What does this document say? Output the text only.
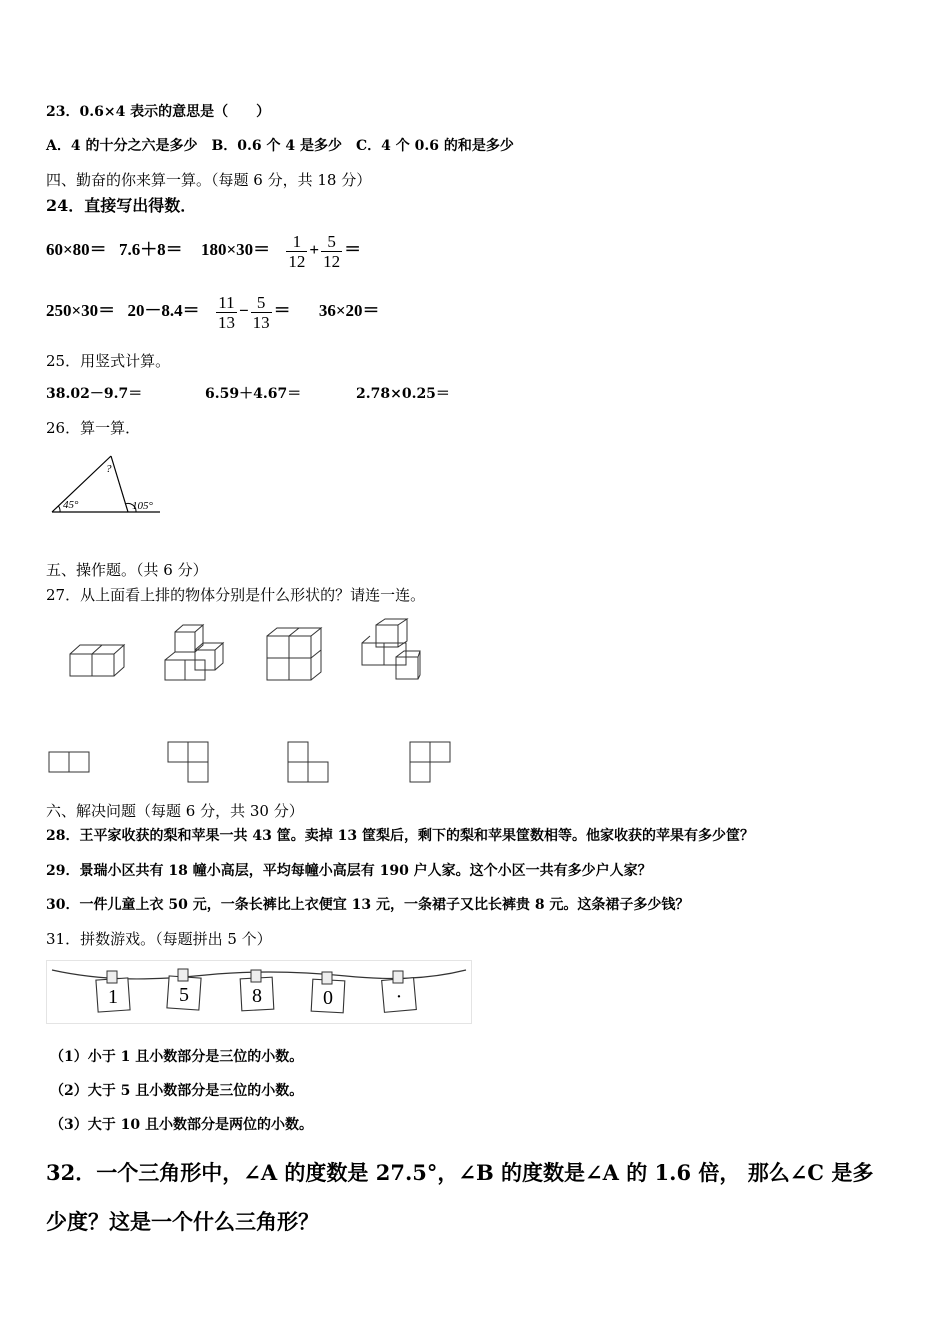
23．0.6×4 表示的意思是（　　）
A．4 的十分之六是多少　B．0.6 个 4 是多少　C．4 个 0.6 的和是多少
四、勤奋的你来算一算。（每题 6 分，共 18 分）
24．直接写出得数．
$60\times 80= 7.6+8= 180\times 30= \frac{1}{12} + \frac{5}{12}$ ＝
$250\times 30= 20-8.4= \frac{11}{13} - \frac{5}{13} = 36\times 20=$
25．用竖式计算。
38.02－9.7＝	6.59＋4.67＝	2.78×0.25＝
26．算一算．
45°	105°
?
五、操作题。（共 6 分）
27．从上面看上排的物体分别是什么形状的？请连一连。
六、解决问题（每题 6 分，共 30 分）
28．王平家收获的梨和苹果一共 43 筐。卖掉 13 筐梨后，剩下的梨和苹果筐数相等。他家收获的苹果有多少筐？
29．景瑞小区共有 18 幢小高层，平均每幢小高层有 190 户人家。这个小区一共有多少户人家？
30．一件儿童上衣 50 元，一条长裤比上衣便宜 13 元，一条裙子又比长裤贵 8 元。这条裙子多少钱？
31．拼数游戏。（每题拼出 5 个）
1	5	8	0	·
（1）小于 1 且小数部分是三位的小数。
（2）大于 5 且小数部分是三位的小数。
（3）大于 10 且小数部分是两位的小数。
32．一个三角形中，∠A 的度数是 27.5°，∠B 的度数是∠A 的 1.6 倍， 那么∠C 是多
少度？这是一个什么三角形？
